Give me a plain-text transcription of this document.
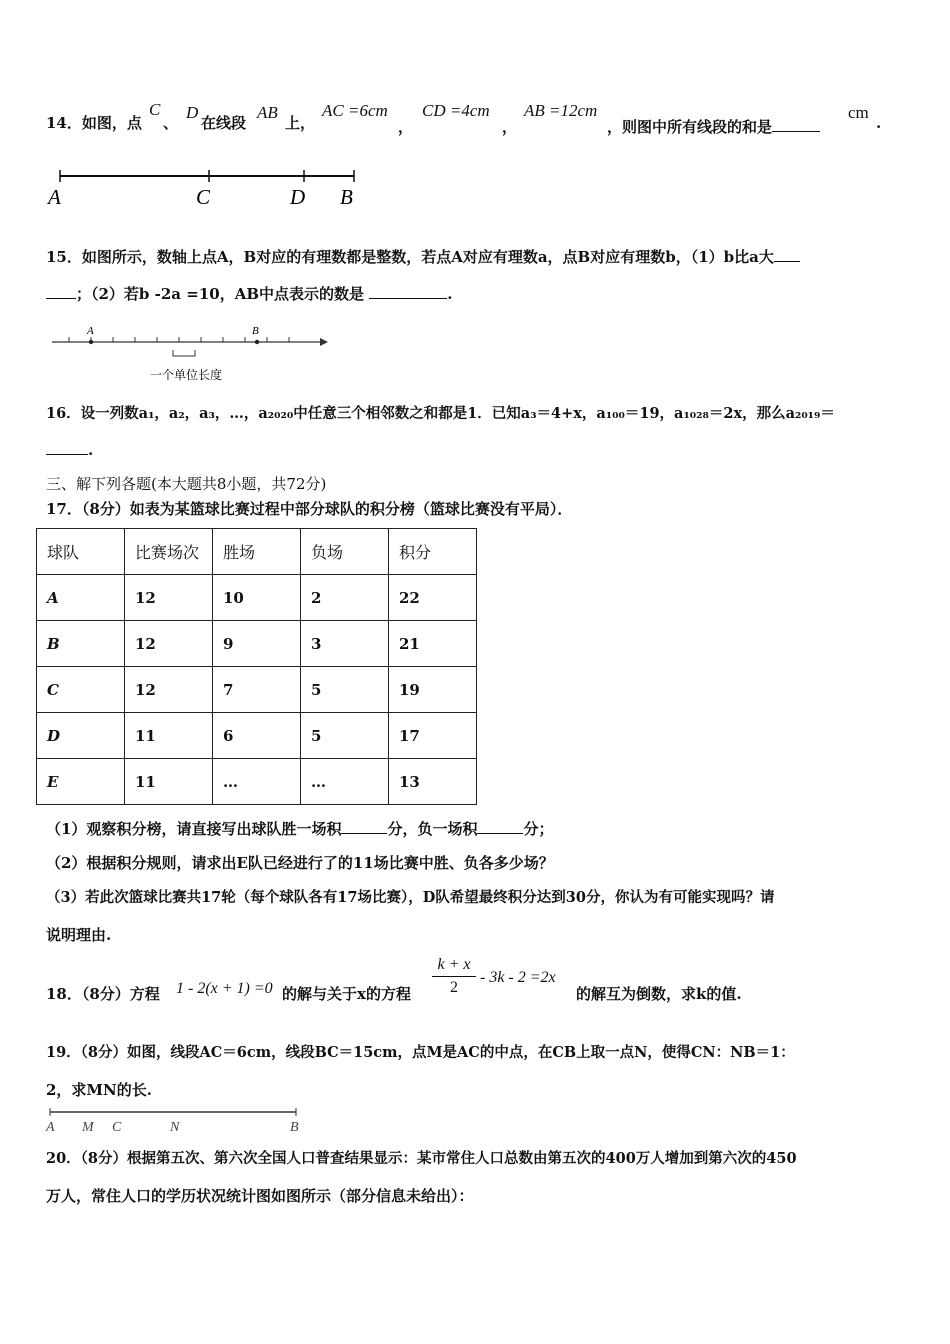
14．如图，点
C
、
D
在线段
AB
上，
AC =6cm
，
CD =4cm
，
AB =12cm
，则图中所有线段的和是
cm
.
A	C	D B
15．如图所示，数轴上点A，B对应的有理数都是整数，若点A对应有理数a，点B对应有理数b，（1）b比a大
；（2）若b -2a =10，AB中点表示的数是	.
A	B
一个单位长度
16．设一列数a₁，a₂，a₃，…，a₂₀₂₀中任意三个相邻数之和都是1．已知a₃＝4+x，a₁₀₀＝19，a₁₀₂₈＝2x，那么a₂₀₁₉＝
.
三、解下列各题(本大题共8小题，共72分)
17．（8分）如表为某篮球比赛过程中部分球队的积分榜（篮球比赛没有平局）．
球队	比赛场次	胜场	负场	积分
A	12	10	2	22
B	12	9	3	21
C	12	7	5	19
D	11	6	5	17
E	11	…	…	13
（1）观察积分榜，请直接写出球队胜一场积	分，负一场积	分；
（2）根据积分规则，请求出E队已经进行了的11场比赛中胜、负各多少场？
（3）若此次篮球比赛共17轮（每个球队各有17场比赛），D队希望最终积分达到30分，你认为有可能实现吗？请
说明理由.
18．（8分）方程 1 - 2(x + 1) =0 的解与关于x的方程
k + x
2
- 3k - 2 =2x
的解互为倒数，求k的值.
19．（8分）如图，线段AC＝6cm，线段BC＝15cm，点M是AC的中点，在CB上取一点N，使得CN：NB＝1：
2，求MN的长.
A M C	N	B
20．（8分）根据第五次、第六次全国人口普查结果显示：某市常住人口总数由第五次的400万人增加到第六次的450
万人，常住人口的学历状况统计图如图所示（部分信息未给出）：
